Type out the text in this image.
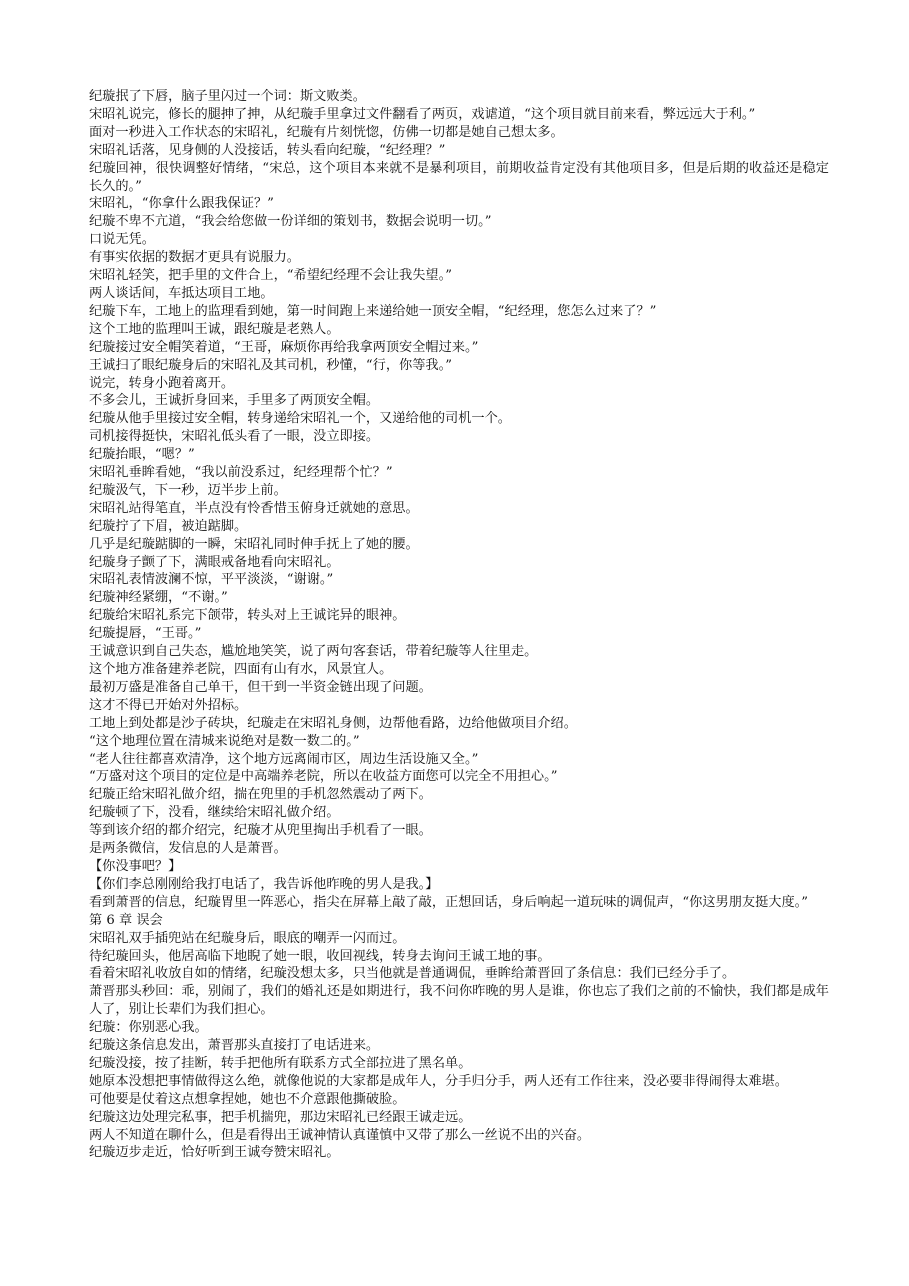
纪璇抿了下唇，脑子里闪过一个词：斯文败类。

宋昭礼说完，修长的腿抻了抻，从纪璇手里拿过文件翻看了两页，戏谑道，“这个项目就目前来看，弊远远大于利。”

面对一秒进入工作状态的宋昭礼，纪璇有片刻恍惚，仿佛一切都是她自己想太多。

宋昭礼话落，见身侧的人没接话，转头看向纪璇，“纪经理？”

纪璇回神，很快调整好情绪，“宋总，这个项目本来就不是暴利项目，前期收益肯定没有其他项目多，但是后期的收益还是稳定长久的。”

宋昭礼，“你拿什么跟我保证？”

纪璇不卑不亢道，“我会给您做一份详细的策划书，数据会说明一切。”

口说无凭。

有事实依据的数据才更具有说服力。

宋昭礼轻笑，把手里的文件合上，“希望纪经理不会让我失望。”

两人谈话间，车抵达项目工地。

纪璇下车，工地上的监理看到她，第一时间跑上来递给她一顶安全帽，“纪经理，您怎么过来了？”

这个工地的监理叫王诚，跟纪璇是老熟人。

纪璇接过安全帽笑着道，“王哥，麻烦你再给我拿两顶安全帽过来。”

王诚扫了眼纪璇身后的宋昭礼及其司机，秒懂，“行，你等我。”

说完，转身小跑着离开。

不多会儿，王诚折身回来，手里多了两顶安全帽。

纪璇从他手里接过安全帽，转身递给宋昭礼一个，又递给他的司机一个。

司机接得挺快，宋昭礼低头看了一眼，没立即接。

纪璇抬眼，“嗯？”

宋昭礼垂眸看她，“我以前没系过，纪经理帮个忙？”

纪璇汲气，下一秒，迈半步上前。

宋昭礼站得笔直，半点没有怜香惜玉俯身迁就她的意思。

纪璇拧了下眉，被迫踮脚。

几乎是纪璇踮脚的一瞬，宋昭礼同时伸手抚上了她的腰。

纪璇身子颤了下，满眼戒备地看向宋昭礼。

宋昭礼表情波澜不惊，平平淡淡，“谢谢。”

纪璇神经紧绷，“不谢。”

纪璇给宋昭礼系完下颌带，转头对上王诚诧异的眼神。

纪璇提唇，“王哥。”

王诚意识到自己失态，尴尬地笑笑，说了两句客套话，带着纪璇等人往里走。

这个地方准备建养老院，四面有山有水，风景宜人。

最初万盛是准备自己单干，但干到一半资金链出现了问题。

这才不得已开始对外招标。

工地上到处都是沙子砖块，纪璇走在宋昭礼身侧，边帮他看路，边给他做项目介绍。

“这个地理位置在清城来说绝对是数一数二的。”

“老人往往都喜欢清净，这个地方远离闹市区，周边生活设施又全。”

“万盛对这个项目的定位是中高端养老院，所以在收益方面您可以完全不用担心。”

纪璇正给宋昭礼做介绍，揣在兜里的手机忽然震动了两下。

纪璇顿了下，没看，继续给宋昭礼做介绍。

等到该介绍的都介绍完，纪璇才从兜里掏出手机看了一眼。

是两条微信，发信息的人是萧晋。

【你没事吧？】

【你们李总刚刚给我打电话了，我告诉他昨晚的男人是我。】

看到萧晋的信息，纪璇胃里一阵恶心，指尖在屏幕上敲了敲，正想回话，身后响起一道玩味的调侃声，“你这男朋友挺大度。”

第 6 章 误会

宋昭礼双手插兜站在纪璇身后，眼底的嘲弄一闪而过。

待纪璇回头，他居高临下地睨了她一眼，收回视线，转身去询问王诚工地的事。

看着宋昭礼收放自如的情绪，纪璇没想太多，只当他就是普通调侃，垂眸给萧晋回了条信息：我们已经分手了。

萧晋那头秒回：乖，别闹了，我们的婚礼还是如期进行，我不问你昨晚的男人是谁，你也忘了我们之前的不愉快，我们都是成年人了，别让长辈们为我们担心。

纪璇：你别恶心我。

纪璇这条信息发出，萧晋那头直接打了电话进来。

纪璇没接，按了挂断，转手把他所有联系方式全部拉进了黑名单。

她原本没想把事情做得这么绝，就像他说的大家都是成年人，分手归分手，两人还有工作往来，没必要非得闹得太难堪。

可他要是仗着这点想拿捏她，她也不介意跟他撕破脸。

纪璇这边处理完私事，把手机揣兜，那边宋昭礼已经跟王诚走远。

两人不知道在聊什么，但是看得出王诚神情认真谨慎中又带了那么一丝说不出的兴奋。

纪璇迈步走近，恰好听到王诚夸赞宋昭礼。
